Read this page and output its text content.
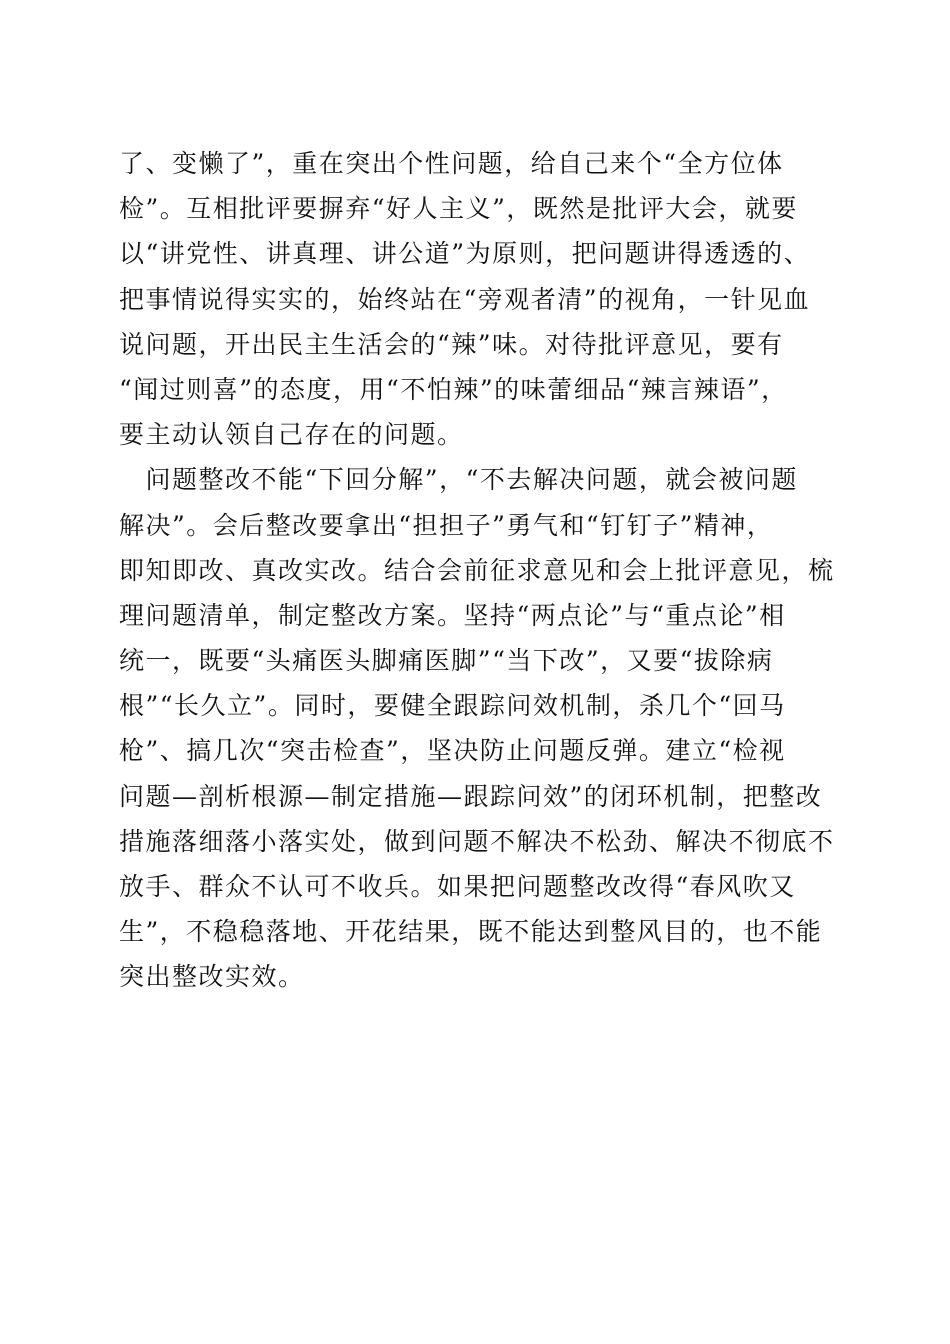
了、变懒了”，重在突出个性问题，给自己来个“全方位体
检”。互相批评要摒弃“好人主义”，既然是批评大会，就要
以“讲党性、讲真理、讲公道”为原则，把问题讲得透透的、
把事情说得实实的，始终站在“旁观者清”的视角，一针见血
说问题，开出民主生活会的“辣”味。对待批评意见，要有
“闻过则喜”的态度，用“不怕辣”的味蕾细品“辣言辣语”，
要主动认领自己存在的问题。
　问题整改不能“下回分解”，“不去解决问题，就会被问题
解决”。会后整改要拿出“担担子”勇气和“钉钉子”精神，
即知即改、真改实改。结合会前征求意见和会上批评意见，梳
理问题清单，制定整改方案。坚持“两点论”与“重点论”相
统一，既要“头痛医头脚痛医脚”“当下改”，又要“拔除病
根”“长久立”。同时，要健全跟踪问效机制，杀几个“回马
枪”、搞几次“突击检查”，坚决防止问题反弹。建立“检视
问题—剖析根源—制定措施—跟踪问效”的闭环机制，把整改
措施落细落小落实处，做到问题不解决不松劲、解决不彻底不
放手、群众不认可不收兵。如果把问题整改改得“春风吹又
生”，不稳稳落地、开花结果，既不能达到整风目的，也不能
突出整改实效。
